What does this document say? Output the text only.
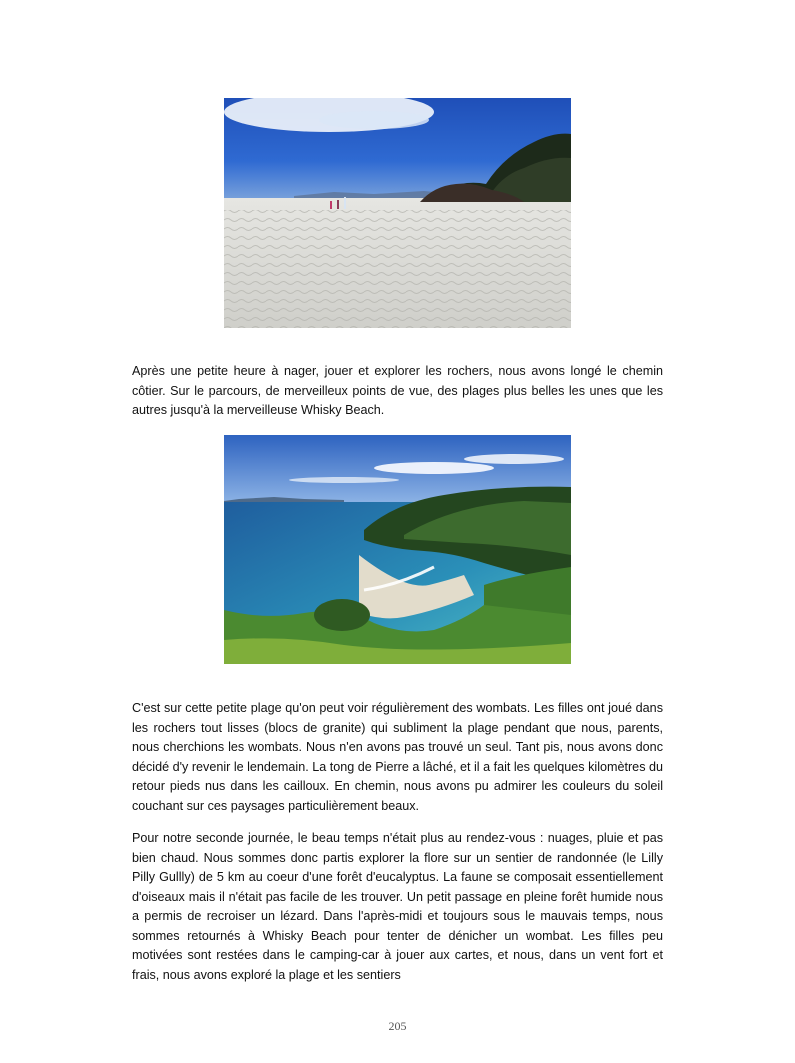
Après une petite heure à nager, jouer et explorer les rochers, nous avons longé le chemin côtier. Sur le parcours, de merveilleux points de vue, des plages plus belles les unes que les autres jusqu'à la merveilleuse Whisky Beach.

C'est sur cette petite plage qu'on peut voir régulièrement des wombats. Les filles ont joué dans les rochers tout lisses (blocs de granite) qui subliment la plage pendant que nous, parents, nous cherchions les wombats. Nous n'en avons pas trouvé un seul. Tant pis, nous avons donc décidé d'y revenir le lendemain. La tong de Pierre a lâché, et il a fait les quelques kilomètres du retour pieds nus dans les cailloux. En chemin, nous avons pu admirer les couleurs du soleil couchant sur ces paysages particulièrement beaux.

Pour notre seconde journée, le beau temps n'était plus au rendez-vous : nuages, pluie et pas bien chaud. Nous sommes donc partis explorer la flore sur un sentier de randonnée (le Lilly Pilly Gullly) de 5 km au coeur d'une forêt d'eucalyptus. La faune se composait essentiellement d'oiseaux mais il n'était pas facile de les trouver. Un petit passage en pleine forêt humide nous a permis de recroiser un lézard. Dans l'après-midi et toujours sous le mauvais temps, nous sommes retournés à Whisky Beach pour tenter de dénicher un wombat. Les filles peu motivées sont restées dans le camping-car à jouer aux cartes, et nous, dans un vent fort et frais, nous avons exploré la plage et les sentiers

205
